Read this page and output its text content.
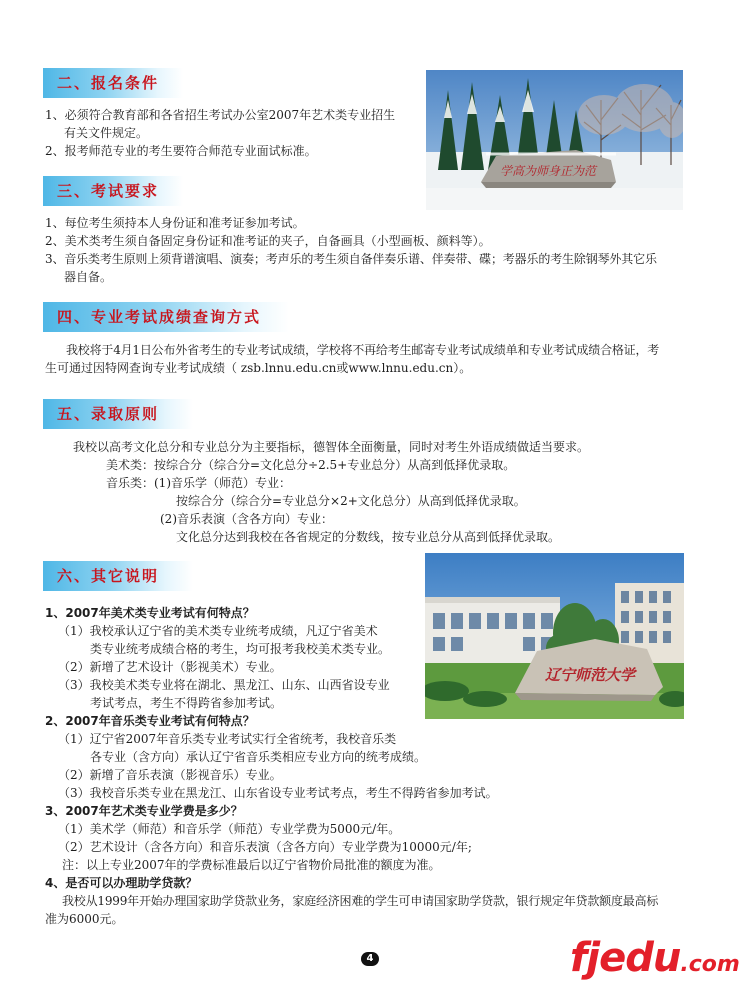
二、报名条件
1、必须符合教育部和各省招生考试办公室2007年艺术类专业招生
有关文件规定。
2、报考师范专业的考生要符合师范专业面试标准。
学高为师身正为范
三、考试要求
1、每位考生须持本人身份证和准考证参加考试。
2、美术类考生须自备固定身份证和准考证的夹子，自备画具（小型画板、颜料等）。
3、音乐类考生原则上须背谱演唱、演奏；考声乐的考生须自备伴奏乐谱、伴奏带、碟；考器乐的考生除钢琴外其它乐
器自备。
四、专业考试成绩查询方式
我校将于4月1日公布外省考生的专业考试成绩，学校将不再给考生邮寄专业考试成绩单和专业考试成绩合格证，考
生可通过因特网查询专业考试成绩（ zsb.lnnu.edu.cn或www.lnnu.edu.cn）。
五、录取原则
我校以高考文化总分和专业总分为主要指标，德智体全面衡量，同时对考生外语成绩做适当要求。
美术类：按综合分（综合分=文化总分÷2.5+专业总分）从高到低择优录取。
音乐类：(1)音乐学（师范）专业：
按综合分（综合分=专业总分×2+文化总分）从高到低择优录取。
(2)音乐表演（含各方向）专业：
文化总分达到我校在各省规定的分数线，按专业总分从高到低择优录取。
辽宁师范大学
六、其它说明
1、2007年美术类专业考试有何特点？
（1）我校承认辽宁省的美术类专业统考成绩，凡辽宁省美术
类专业统考成绩合格的考生，均可报考我校美术类专业。
（2）新增了艺术设计（影视美术）专业。
（3）我校美术类专业将在湖北、黑龙江、山东、山西省设专业
考试考点，考生不得跨省参加考试。
2、2007年音乐类专业考试有何特点？
（1）辽宁省2007年音乐类专业考试实行全省统考，我校音乐类
各专业（含方向）承认辽宁省音乐类相应专业方向的统考成绩。
（2）新增了音乐表演（影视音乐）专业。
（3）我校音乐类专业在黑龙江、山东省设专业考试考点，考生不得跨省参加考试。
3、2007年艺术类专业学费是多少？
（1）美术学（师范）和音乐学（师范）专业学费为5000元/年。
（2）艺术设计（含各方向）和音乐表演（含各方向）专业学费为10000元/年;
注：以上专业2007年的学费标准最后以辽宁省物价局批准的额度为准。
4、是否可以办理助学贷款？
我校从1999年开始办理国家助学贷款业务，家庭经济困难的学生可申请国家助学贷款，银行规定年贷款额度最高标
准为6000元。
4	fjedu.com
